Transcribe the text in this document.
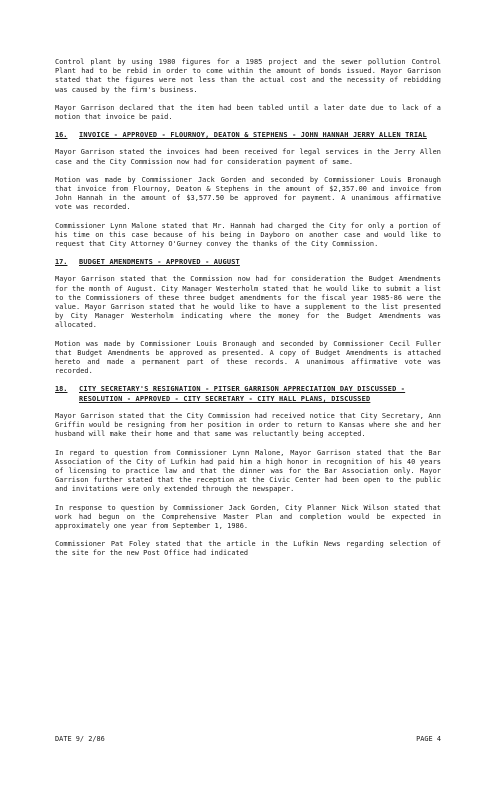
Control plant by using 1980 figures for a 1985 project and the sewer pollution Control Plant had to be rebid in order to come within the amount of bonds issued. Mayor Garrison stated that the figures were not less than the actual cost and the necessity of rebidding was caused by the firm's business.

Mayor Garrison declared that the item had been tabled until a later date due to lack of a motion that invoice be paid.

16.	INVOICE - APPROVED - FLOURNOY, DEATON & STEPHENS - JOHN HANNAH JERRY ALLEN TRIAL

Mayor Garrison stated the invoices had been received for legal services in the Jerry Allen case and the City Commission now had for consideration payment of same.

Motion was made by Commissioner Jack Gorden and seconded by Commissioner Louis Bronaugh that invoice from Flournoy, Deaton & Stephens in the amount of $2,357.00 and invoice from John Hannah in the amount of $3,577.50 be approved for payment. A unanimous affirmative vote was recorded.

Commissioner Lynn Malone stated that Mr. Hannah had charged the City for only a portion of his time on this case because of his being in Dayboro on another case and would like to request that City Attorney O'Gurney convey the thanks of the City Commission.

17.	BUDGET AMENDMENTS - APPROVED - AUGUST

Mayor Garrison stated that the Commission now had for consideration the Budget Amendments for the month of August. City Manager Westerholm stated that he would like to submit a list to the Commissioners of these three budget amendments for the fiscal year 1985-86 were the value. Mayor Garrison stated that he would like to have a supplement to the list presented by City Manager Westerholm indicating where the money for the Budget Amendments was allocated.

Motion was made by Commissioner Louis Bronaugh and seconded by Commissioner Cecil Fuller that Budget Amendments be approved as presented. A copy of Budget Amendments is attached hereto and made a permanent part of these records. A unanimous affirmative vote was recorded.

18.	CITY SECRETARY'S RESIGNATION - PITSER GARRISON APPRECIATION DAY DISCUSSED - RESOLUTION - APPROVED - CITY SECRETARY - CITY HALL PLANS, DISCUSSED

Mayor Garrison stated that the City Commission had received notice that City Secretary, Ann Griffin would be resigning from her position in order to return to Kansas where she and her husband will make their home and that same was reluctantly being accepted.

In regard to question from Commissioner Lynn Malone, Mayor Garrison stated that the Bar Association of the City of Lufkin had paid him a high honor in recognition of his 40 years of licensing to practice law and that the dinner was for the Bar Association only. Mayor Garrison further stated that the reception at the Civic Center had been open to the public and invitations were only extended through the newspaper.

In response to question by Commissioner Jack Gorden, City Planner Nick Wilson stated that work had begun on the Comprehensive Master Plan and completion would be expected in approximately one year from September 1, 1986.

Commissioner Pat Foley stated that the article in the Lufkin News regarding selection of the site for the new Post Office had indicated

DATE 9/ 2/86	PAGE 4
